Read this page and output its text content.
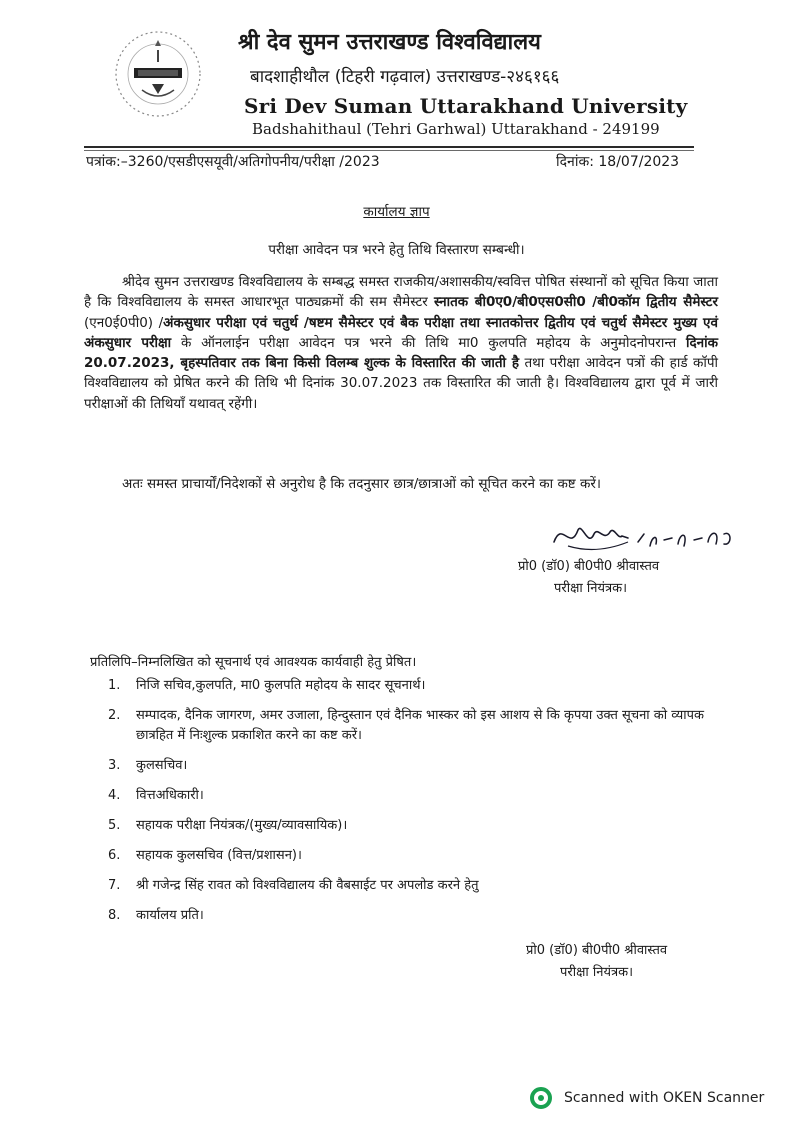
श्री देव सुमन उत्तराखण्ड विश्वविद्यालय
बादशाहीथौल (टिहरी गढ़वाल) उत्तराखण्ड-२४६१६६
Sri Dev Suman Uttarakhand University
Badshahithaul (Tehri Garhwal) Uttarakhand - 249199
पत्रांक:–3260/एसडीएसयूवी/अतिगोपनीय/परीक्षा /2023	दिनांक: 18/07/2023
कार्यालय ज्ञाप
परीक्षा आवेदन पत्र भरने हेतु तिथि विस्तारण सम्बन्धी।
श्रीदेव सुमन उत्तराखण्ड विश्वविद्यालय के सम्बद्ध समस्त राजकीय/अशासकीय/स्ववित्त पोषित संस्थानों को सूचित किया जाता है कि विश्वविद्यालय के समस्त आधारभूत पाठ्यक्रमों की सम सैमेस्टर स्नातक बी0ए0/बी0एस0सी0 /बी0कॉम द्वितीय सैमेस्टर (एन0ई0पी0) /अंकसुधार परीक्षा एवं चतुर्थ /षष्टम सैमेस्टर एवं बैक परीक्षा तथा स्नातकोत्तर द्वितीय एवं चतुर्थ सैमेस्टर मुख्य एवं अंकसुधार परीक्षा के ऑनलाईन परीक्षा आवेदन पत्र भरने की तिथि मा0 कुलपति महोदय के अनुमोदनोपरान्त दिनांक 20.07.2023, बृहस्पतिवार तक बिना किसी विलम्ब शुल्क के विस्तारित की जाती है तथा परीक्षा आवेदन पत्रों की हार्ड कॉपी विश्वविद्यालय को प्रेषित करने की तिथि भी दिनांक 30.07.2023 तक विस्तारित की जाती है। विश्वविद्यालय द्वारा पूर्व में जारी परीक्षाओं की तिथियाँ यथावत् रहेंगी।
अतः समस्त प्राचार्यों/निदेशकों से अनुरोध है कि तदनुसार छात्र/छात्राओं को सूचित करने का कष्ट करें।
प्रो0 (डॉ0) बी0पी0 श्रीवास्तव
परीक्षा नियंत्रक।
प्रतिलिपि–निम्नलिखित को सूचनार्थ एवं आवश्यक कार्यवाही हेतु प्रेषित।
1. निजि सचिव,कुलपति, मा0 कुलपति महोदय के सादर सूचनार्थ।
2. सम्पादक, दैनिक जागरण, अमर उजाला, हिन्दुस्तान एवं दैनिक भास्कर को इस आशय से कि कृपया उक्त सूचना को व्यापक छात्रहित में निःशुल्क प्रकाशित करने का कष्ट करें।
3. कुलसचिव।
4. वित्तअधिकारी।
5. सहायक परीक्षा नियंत्रक/(मुख्य/व्यावसायिक)।
6. सहायक कुलसचिव (वित्त/प्रशासन)।
7. श्री गजेन्द्र सिंह रावत को विश्वविद्यालय की वैबसाईट पर अपलोड करने हेतु
8. कार्यालय प्रति।
प्रो0 (डॉ0) बी0पी0 श्रीवास्तव
परीक्षा नियंत्रक।
Scanned with OKEN Scanner
